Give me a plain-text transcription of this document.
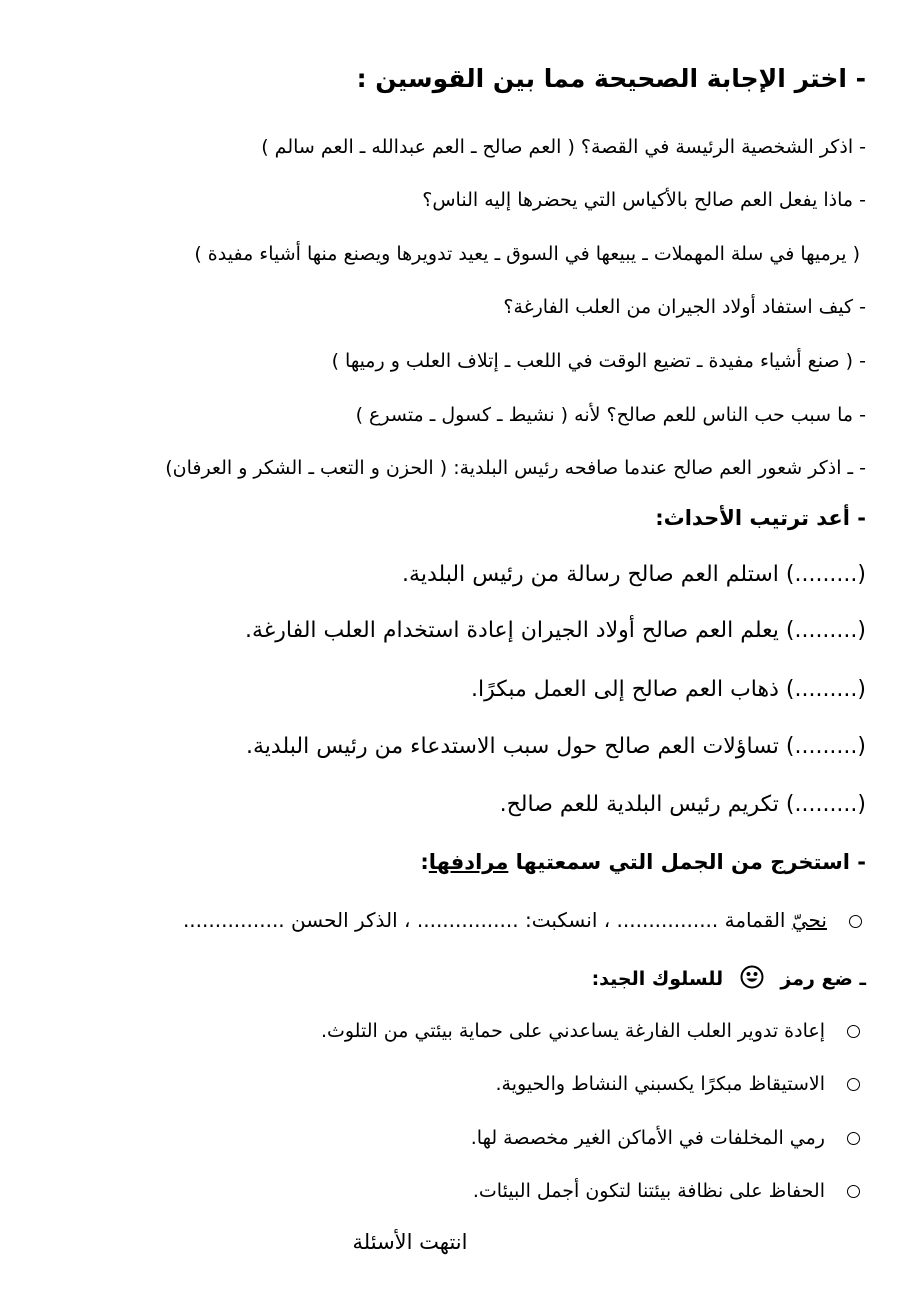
- اختر الإجابة الصحيحة مما بين القوسين :
- اذكر الشخصية الرئيسة في القصة؟ ( العم صالح ـ العم عبدالله ـ العم سالم )
- ماذا يفعل العم صالح بالأكياس التي يحضرها إليه الناس؟
( يرميها في سلة المهملات ـ يبيعها في السوق ـ يعيد تدويرها ويصنع منها أشياء مفيدة )
- كيف استفاد أولاد الجيران من العلب الفارغة؟
- ( صنع أشياء مفيدة ـ تضيع الوقت في اللعب ـ إتلاف العلب و رميها )
- ما سبب حب الناس للعم صالح؟ لأنه ( نشيط ـ كسول ـ متسرع )
- ـ اذكر شعور العم صالح عندما صافحه رئيس البلدية: ( الحزن و التعب ـ الشكر و العرفان)
- أعد ترتيب الأحداث:
(.........) استلم العم صالح رسالة من رئيس البلدية.
(.........) يعلم العم صالح أولاد الجيران إعادة استخدام العلب الفارغة.
(.........) ذهاب العم صالح إلى العمل مبكرًا.
(.........) تساؤلات العم صالح حول سبب الاستدعاء من رئيس البلدية.
(.........) تكريم رئيس البلدية للعم صالح.
- استخرج من الجمل التي سمعتيها مرادفها:
نحيّ القمامة ................ ، انسكبت: ................ ، الذكر الحسن ................
ـ ضع رمز  للسلوك الجيد:
إعادة تدوير العلب الفارغة يساعدني على حماية بيئتي من التلوث.
الاستيقاظ مبكرًا يكسبني النشاط والحيوية.
رمي المخلفات في الأماكن الغير مخصصة لها.
الحفاظ على نظافة بيئتنا لتكون أجمل البيئات.
انتهت الأسئلة
